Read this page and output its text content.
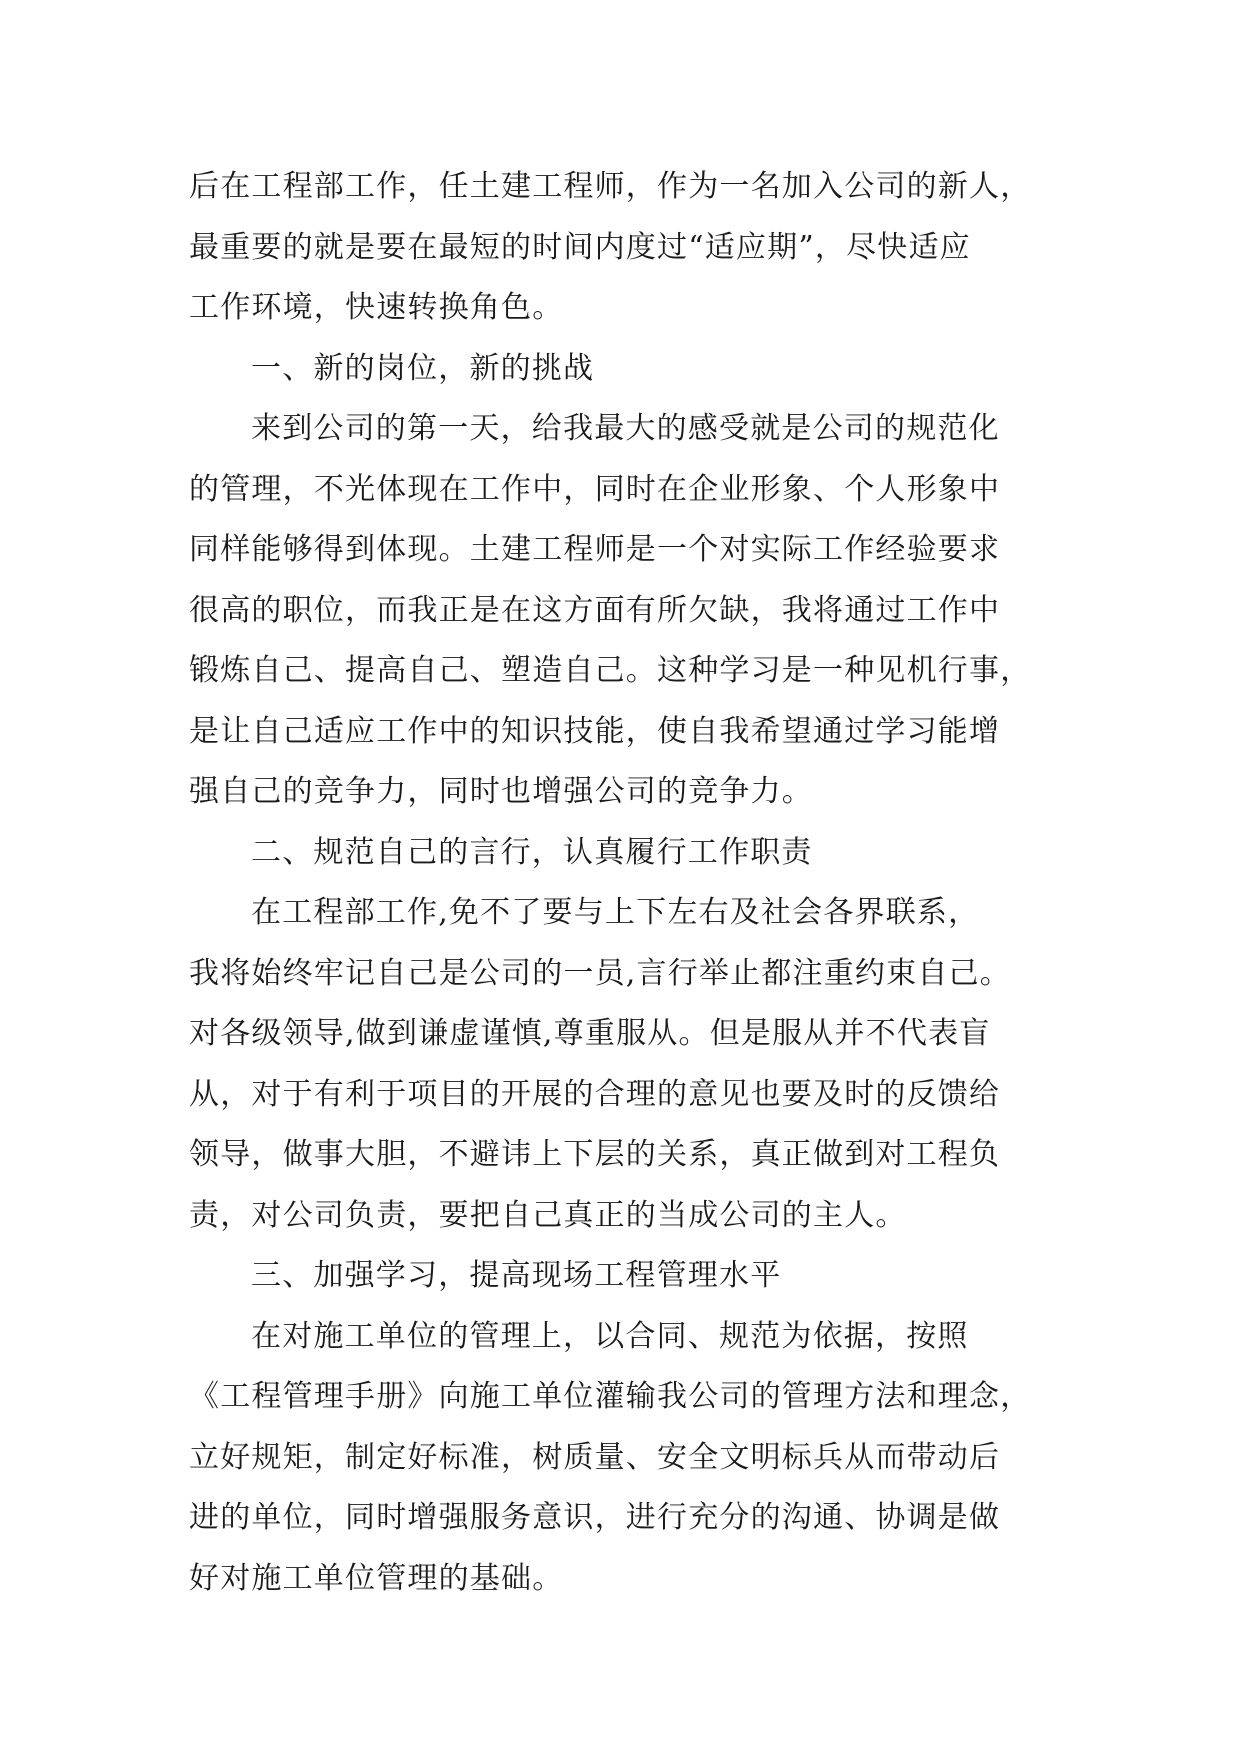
后在工程部工作，任土建工程师，作为一名加入公司的新人，
最重要的就是要在最短的时间内度过“适应期”，尽快适应
工作环境，快速转换角色。
一、新的岗位，新的挑战
来到公司的第一天，给我最大的感受就是公司的规范化
的管理，不光体现在工作中，同时在企业形象、个人形象中
同样能够得到体现。土建工程师是一个对实际工作经验要求
很高的职位，而我正是在这方面有所欠缺，我将通过工作中
锻炼自己、提高自己、塑造自己。这种学习是一种见机行事，
是让自己适应工作中的知识技能，使自我希望通过学习能增
强自己的竞争力，同时也增强公司的竞争力。
二、规范自己的言行，认真履行工作职责
在工程部工作,免不了要与上下左右及社会各界联系，
我将始终牢记自己是公司的一员,言行举止都注重约束自己。
对各级领导,做到谦虚谨慎,尊重服从。但是服从并不代表盲
从，对于有利于项目的开展的合理的意见也要及时的反馈给
领导，做事大胆，不避讳上下层的关系，真正做到对工程负
责，对公司负责，要把自己真正的当成公司的主人。
三、加强学习，提高现场工程管理水平
在对施工单位的管理上，以合同、规范为依据，按照
《工程管理手册》向施工单位灌输我公司的管理方法和理念，
立好规矩，制定好标准，树质量、安全文明标兵从而带动后
进的单位，同时增强服务意识，进行充分的沟通、协调是做
好对施工单位管理的基础。
